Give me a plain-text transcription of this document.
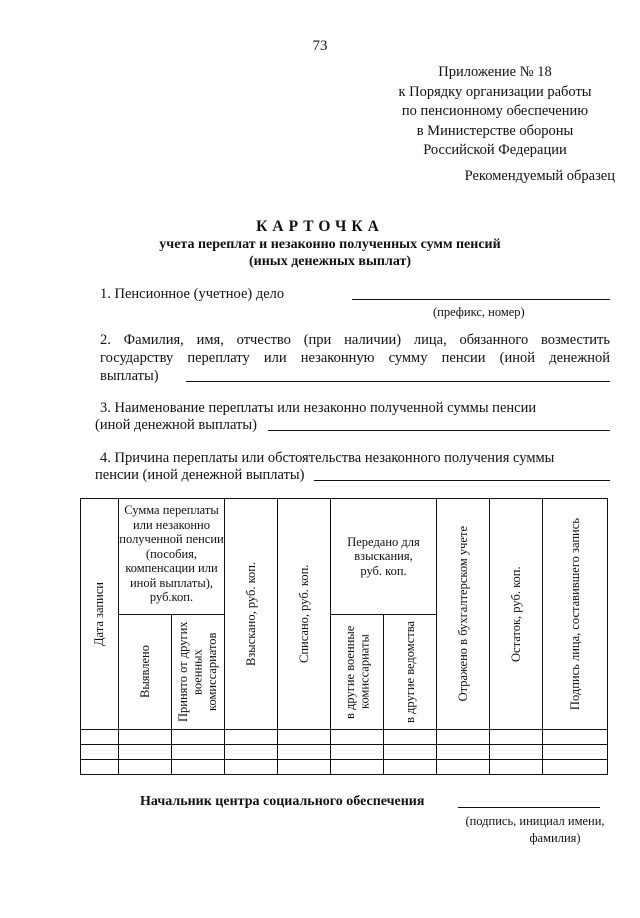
73
Приложение № 18
к Порядку организации работы
по пенсионному обеспечению
в Министерстве обороны
Российской Федерации
Рекомендуемый образец
КАРТОЧКА
учета переплат и незаконно полученных сумм пенсий
(иных денежных выплат)
1. Пенсионное (учетное) дело
(префикс, номер)
2. Фамилия, имя, отчество (при наличии) лица, обязанного возместить
государству переплату или незаконную сумму пенсии (иной денежной
выплаты)
3. Наименование переплаты или незаконно полученной суммы пенсии
(иной денежной выплаты)
4. Причина переплаты или обстоятельства незаконного получения суммы
пенсии (иной денежной выплаты)
Дата записи	Сумма переплаты или незаконно полученной пенсии (пособия, компенсации или иной выплаты), руб.коп.		Взыскано, руб. коп.	Списано, руб. коп.	Передано для взыскания, руб. коп.		Отражено в бухгалтерском учете	Остаток, руб. коп.	Подпись лица, составившего запись

	Выявлено	Принято от других военных комиссариатов			в другие военные комиссариаты	в другие ведомства			

Начальник центра социального обеспечения
(подпись, инициал имени,
фамилия)
